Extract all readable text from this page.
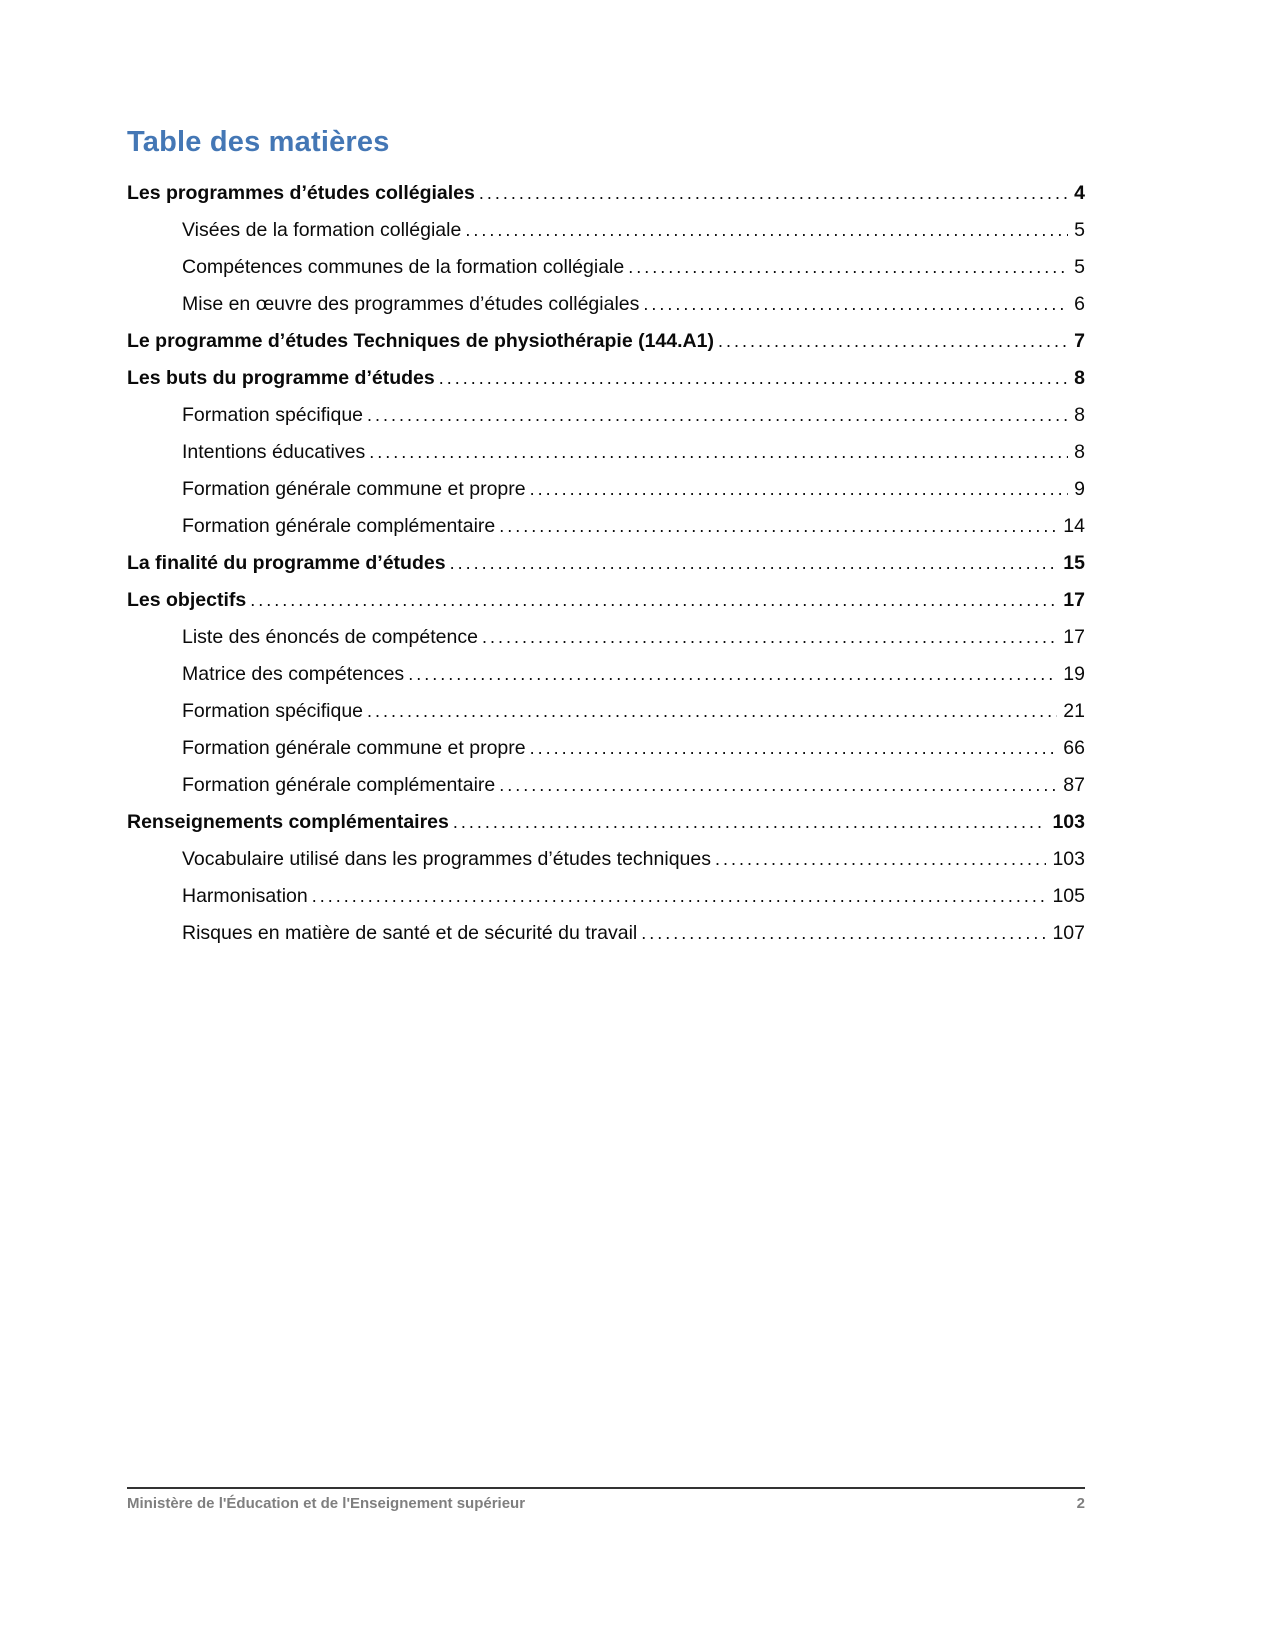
Table des matières
Les programmes d’études collégiales .....	4
Visées de la formation collégiale .....	5
Compétences communes de la formation collégiale .....	5
Mise en œuvre des programmes d’études collégiales .....	6
Le programme d’études Techniques de physiothérapie (144.A1) .....	7
Les buts du programme d’études .....	8
Formation spécifique .....	8
Intentions éducatives .....	8
Formation générale commune et propre .....	9
Formation générale complémentaire .....	14
La finalité du programme d’études .....	15
Les objectifs .....	17
Liste des énoncés de compétence .....	17
Matrice des compétences .....	19
Formation spécifique .....	21
Formation générale commune et propre .....	66
Formation générale complémentaire .....	87
Renseignements complémentaires .....	103
Vocabulaire utilisé dans les programmes d’études techniques .....	103
Harmonisation .....	105
Risques en matière de santé et de sécurité du travail .....	107
Ministère de l'Éducation et de l'Enseignement supérieur	2
